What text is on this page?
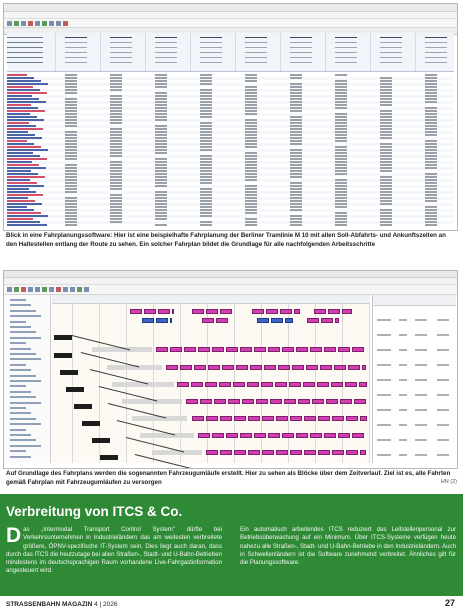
Blick in eine Fahrplanungssoftware: Hier ist eine beispielhafte Fahrplanung der Berliner Tramlinie M 10 mit allen Soll-Abfahrts- und Ankunftszeiten an den Haltestellen entlang der Route zu sehen. Ein solcher Fahrplan bildet die Grundlage für alle nachfolgenden Arbeitsschritte
Auf Grundlage des Fahrplans werden die sogenannten Fahrzeugumläufe erstellt. Hier zu sehen als Blöcke über dem Zeitverlauf. Ziel ist es, alle Fahrten gemäß Fahrplan mit Fahrzeugumläufen zu versorgen	HN (2)
Verbreitung von ITCS & Co.
Das „Intermodal Transport Control System" dürfte bei Verkehrsunternehmen in Industrieländern das am weitesten verbreitete größere, ÖPNV-spezifische IT-System sein. Dies liegt auch daran, dass durch das ITCS die heutzutage bei allen Straßen-, Stadt- und U-Bahn-Betrieben mindestens im deutschsprachigen Raum vorhandene Live-Fahrgastinformation angesteuert wird.
Ein automatisch arbeitendes ITCS reduziert das Leitstellenpersonal zur Betriebsüberwachung auf ein Minimum. Über ITCS-Systeme verfügen heute nahezu alle Straßen-, Stadt- und U-Bahn-Betriebe in den Industrieländern. Auch in Schwellenländern ist die Software zunehmend verbreitet. Ähnliches gilt für die Planungssoftware.
STRASSENBAHN MAGAZIN 4 | 2026	27
